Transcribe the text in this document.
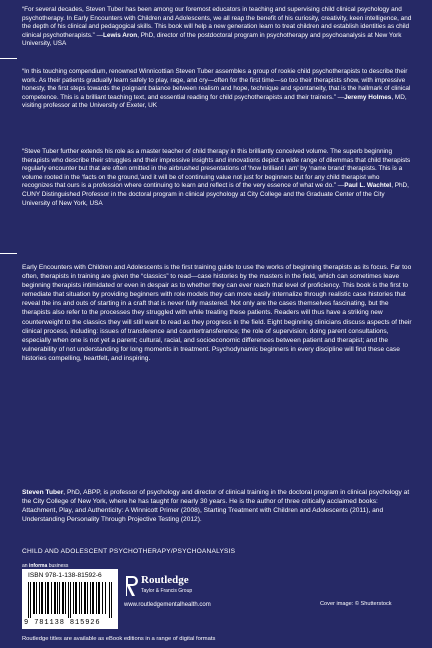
“For several decades, Steven Tuber has been among our foremost educators in teaching and supervising child clinical psychology and psychotherapy. In Early Encounters with Children and Adolescents, we all reap the benefit of his curiosity, creativity, keen intelligence, and the depth of his clinical and pedagogical skills. This book will help a new generation learn to treat children and establish identities as child clinical psychotherapists.” —Lewis Aron, PhD, director of the postdoctoral program in psychotherapy and psychoanalysis at New York University, USA

“In this touching compendium, renowned Winnicottian Steven Tuber assembles a group of rookie child psychotherapists to describe their work. As their patients gradually learn safely to play, rage, and cry—often for the first time—so too their therapists show, with impressive honesty, the first steps towards the poignant balance between realism and hope, technique and spontaneity, that is the hallmark of clinical competence. This is a brilliant teaching text, and essential reading for child psychotherapists and their trainers.” —Jeremy Holmes, MD, visiting professor at the University of Exeter, UK

“Steve Tuber further extends his role as a master teacher of child therapy in this brilliantly conceived volume. The superb beginning therapists who describe their struggles and their impressive insights and innovations depict a wide range of dilemmas that child therapists regularly encounter but that are often omitted in the airbrushed presentations of ‘how brilliant I am’ by ‘name brand’ therapists. This is a volume rooted in the ‘facts on the ground,’and it will be of continuing value not just for beginners but for any child therapist who recognizes that ours is a profession where continuing to learn and reflect is of the very essence of what we do.” —Paul L. Wachtel, PhD, CUNY Distinguished Professor in the doctoral program in clinical psychology at City College and the Graduate Center of the City University of New York, USA

Early Encounters with Children and Adolescents is the first training guide to use the works of beginning therapists as its focus. Far too often, therapists in training are given the “classics” to read—case histories by the masters in the field, which can sometimes leave beginning therapists intimidated or even in despair as to whether they can ever reach that level of proficiency. This book is the first to remediate that situation by providing beginners with role models they can more easily internalize through realistic case histories that reveal the ins and outs of starting in a craft that is never fully mastered. Not only are the cases themselves fascinating, but the therapists also refer to the processes they struggled with while treating these patients. Readers will thus have a striking new counterweight to the classics they will still want to read as they progress in the field. Eight beginning clinicians discuss aspects of their clinical process, including: issues of transference and countertransference; the role of supervision; doing parent consultations, especially when one is not yet a parent; cultural, racial, and socioeconomic differences between patient and therapist; and the vulnerability of not understanding for long moments in treatment. Psychodynamic beginners in every discipline will find these case histories compelling, heartfelt, and inspiring.

Steven Tuber, PhD, ABPP, is professor of psychology and director of clinical training in the doctoral program in clinical psychology at the City College of New York, where he has taught for nearly 30 years. He is the author of three critically acclaimed books: Attachment, Play, and Authenticity: A Winnicott Primer (2008), Starting Treatment with Children and Adolescents (2011), and Understanding Personality Through Projective Testing (2012).

CHILD AND ADOLESCENT PSYCHOTHERAPY/PSYCHOANALYSIS

an informa business
ISBN 978-1-138-81592-6
9 781138 815926
Routledge
Taylor & Francis Group
www.routledgementalhealth.com	Cover image: © Shutterstock
Routledge titles are available as eBook editions in a range of digital formats
